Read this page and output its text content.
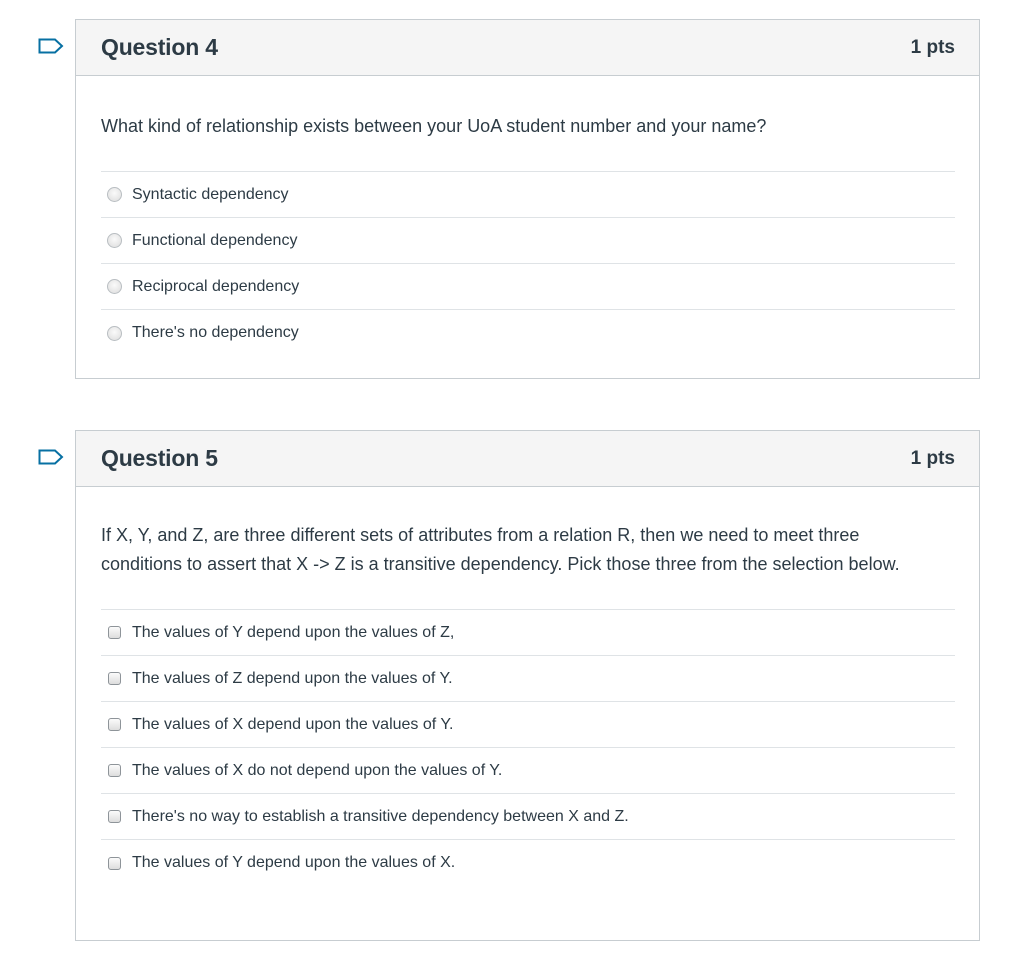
Question 4	1 pts

What kind of relationship exists between your UoA student number and your name?

Syntactic dependency
Functional dependency
Reciprocal dependency
There's no dependency
Question 5	1 pts

If X, Y, and Z, are three different sets of attributes from a relation R, then we need to meet three conditions to assert that X -> Z is a transitive dependency. Pick those three from the selection below.

The values of Y depend upon the values of Z,
The values of Z depend upon the values of Y.
The values of X depend upon the values of Y.
The values of X do not depend upon the values of Y.
There's no way to establish a transitive dependency between X and Z.
The values of Y depend upon the values of X.
